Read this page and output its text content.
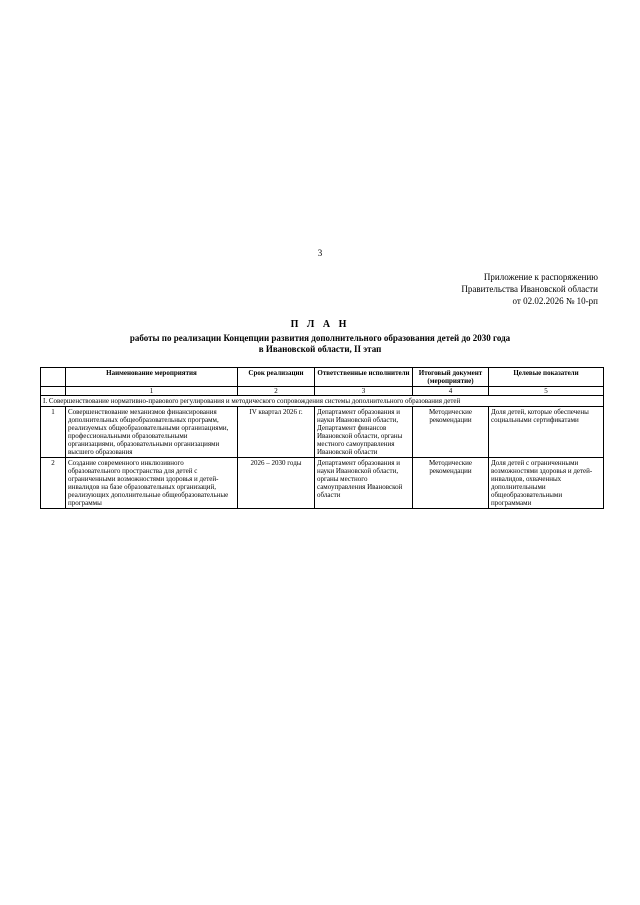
3
Приложение к распоряжению
Правительства Ивановской области
от 02.02.2026 № 10-рп
П Л А Н
работы по реализации Концепции развития дополнительного образования детей до 2030 года
в Ивановской области, II этап
	Наименование мероприятия	Срок реализации	Ответственные исполнители	Итоговый документ (мероприятие)	Целевые показатели
	1	2	3	4	5
I. Совершенствование нормативно-правового регулирования и методического сопровождения системы дополнительного образования детей					
1	Совершенствование механизмов финансирования дополнительных общеобразовательных программ, реализуемых общеобразовательными организациями, профессиональными образовательными организациями, образовательными организациями высшего образования	IV квартал 2026 г.	Департамент образования и науки Ивановской области, Департамент финансов Ивановской области, органы местного самоуправления Ивановской области	Методические рекомендации	Доля детей, которые обеспечены социальными сертификатами
2	Создание современного инклюзивного образовательного пространства для детей с ограниченными возможностями здоровья и детей-инвалидов на базе образовательных организаций, реализующих дополнительные общеобразовательные программы	2026 – 2030 годы	Департамент образования и науки Ивановской области, органы местного самоуправления Ивановской области	Методические рекомендации	Доля детей с ограниченными возможностями здоровья и детей-инвалидов, охваченных дополнительными общеобразовательными программами
